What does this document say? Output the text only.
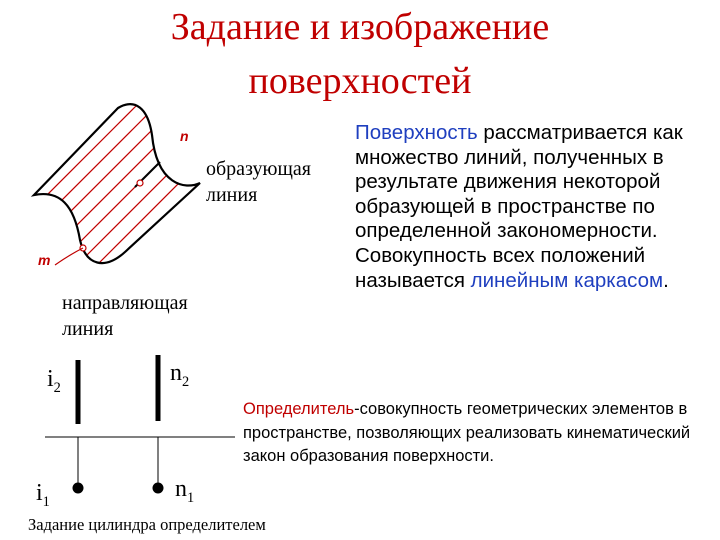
Задание и изображение
поверхностей
n
m
образующая
линия
направляющая
линия
Поверхность рассматривается как множество линий, полученных в результате движения некоторой образующей в пространстве по определенной закономерности. Совокупность всех положений называется линейным каркасом.
Определитель-совокупность геометрических элементов в пространстве, позволяющих реализовать кинематический закон образования поверхности.
$i_2$
$n_2$
$i_1$	$n_1$
Задание цилиндра определителем
